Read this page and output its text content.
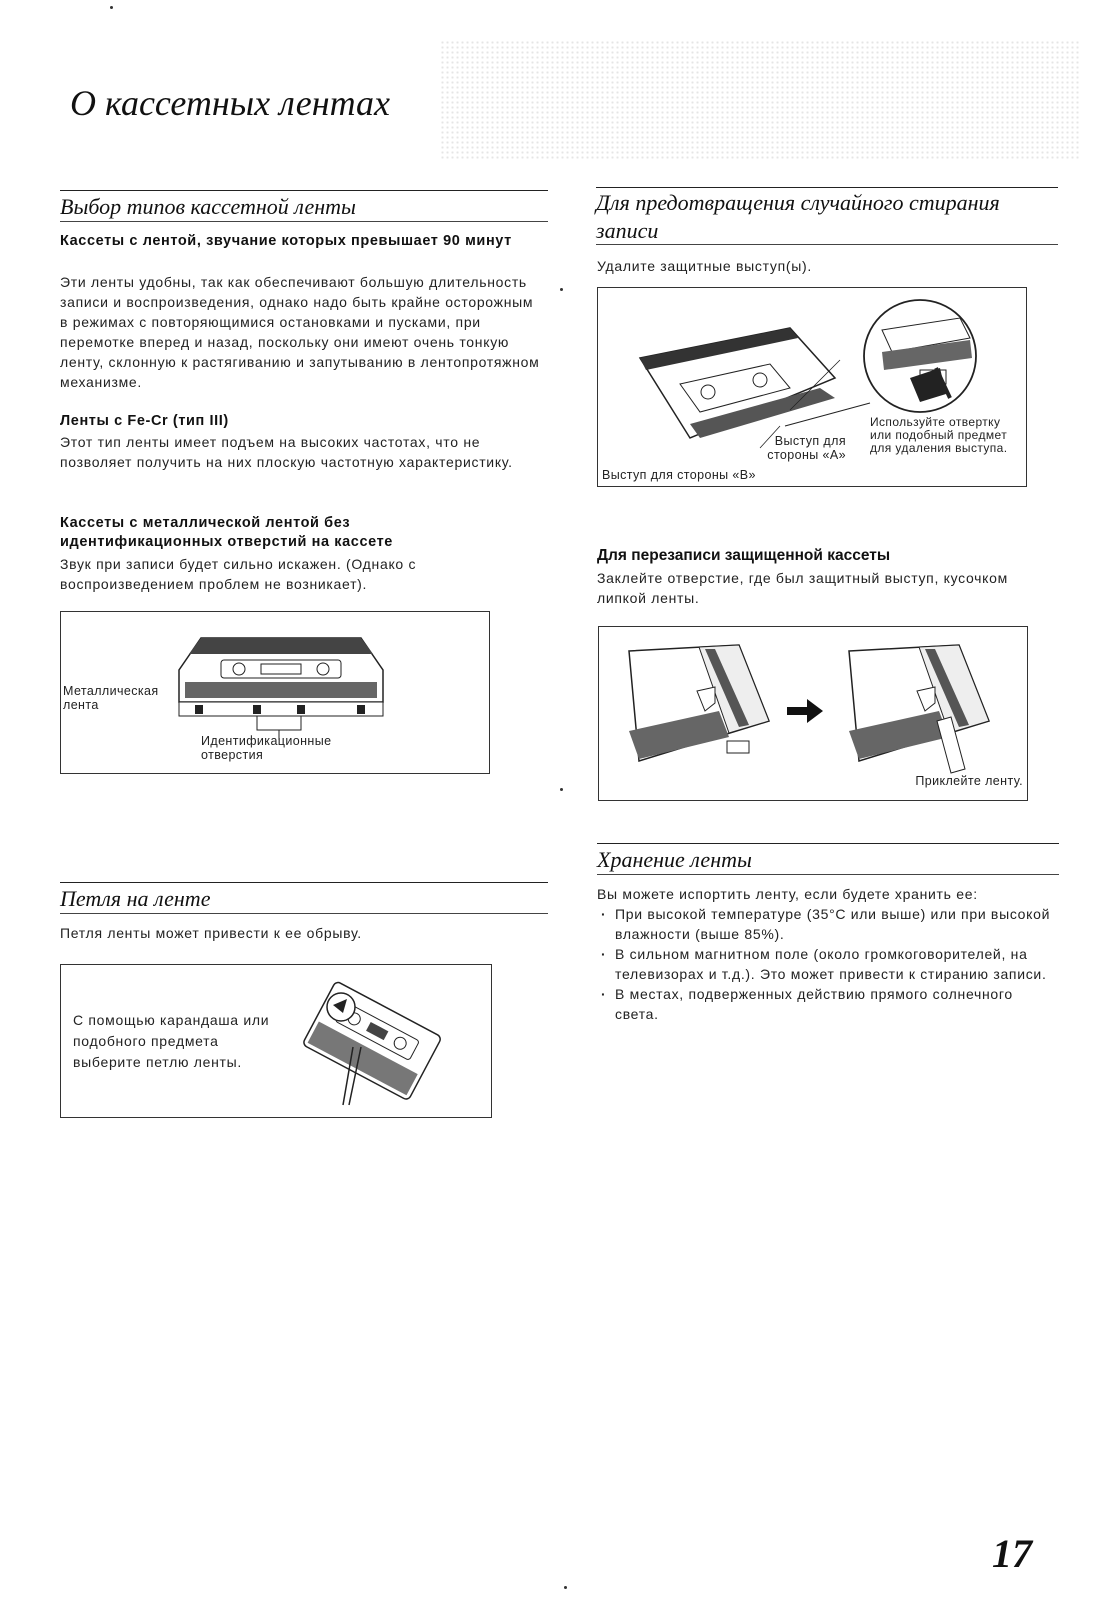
О кассетных лентах
Выбор типов кассетной ленты
Кассеты с лентой, звучание которых превышает 90 минут
Эти ленты удобны, так как обеспечивают большую длительность записи и воспроизведения, однако надо быть крайне осторожным в режимах с повторяющимися остановками и пусками, при перемотке вперед и назад, поскольку они имеют очень тонкую ленту, склонную к растягиванию и запутыванию в лентопротяжном механизме.
Ленты с Fe-Cr (тип III)
Этот тип ленты имеет подъем на высоких частотах, что не позволяет получить на них плоскую частотную характеристику.
Кассеты с металлической лентой без идентификационных отверстий на кассете
Звук при записи будет сильно искажен. (Однако с воспроизведением проблем не возникает).
Металлическая лента
Идентификационные отверстия
Петля на ленте
Петля ленты может привести к ее обрыву.
С помощью карандаша или подобного предмета выберите петлю ленты.
Для предотвращения случайного стирания записи
Удалите защитные выступ(ы).
Выступ для стороны «A»
Выступ для стороны «B»
Используйте отвертку или подобный предмет для удаления выступа.
Для перезаписи защищенной кассеты
Заклейте отверстие, где был защитный выступ, кусочком липкой ленты.
Приклейте ленту.
Хранение ленты
Вы можете испортить ленту, если будете хранить ее:
· При высокой температуре (35°C или выше) или при высокой влажности (выше 85%).
· В сильном магнитном поле (около громкоговорителей, на телевизорах и т.д.). Это может привести к стиранию записи.
· В местах, подверженных действию прямого солнечного света.
17
